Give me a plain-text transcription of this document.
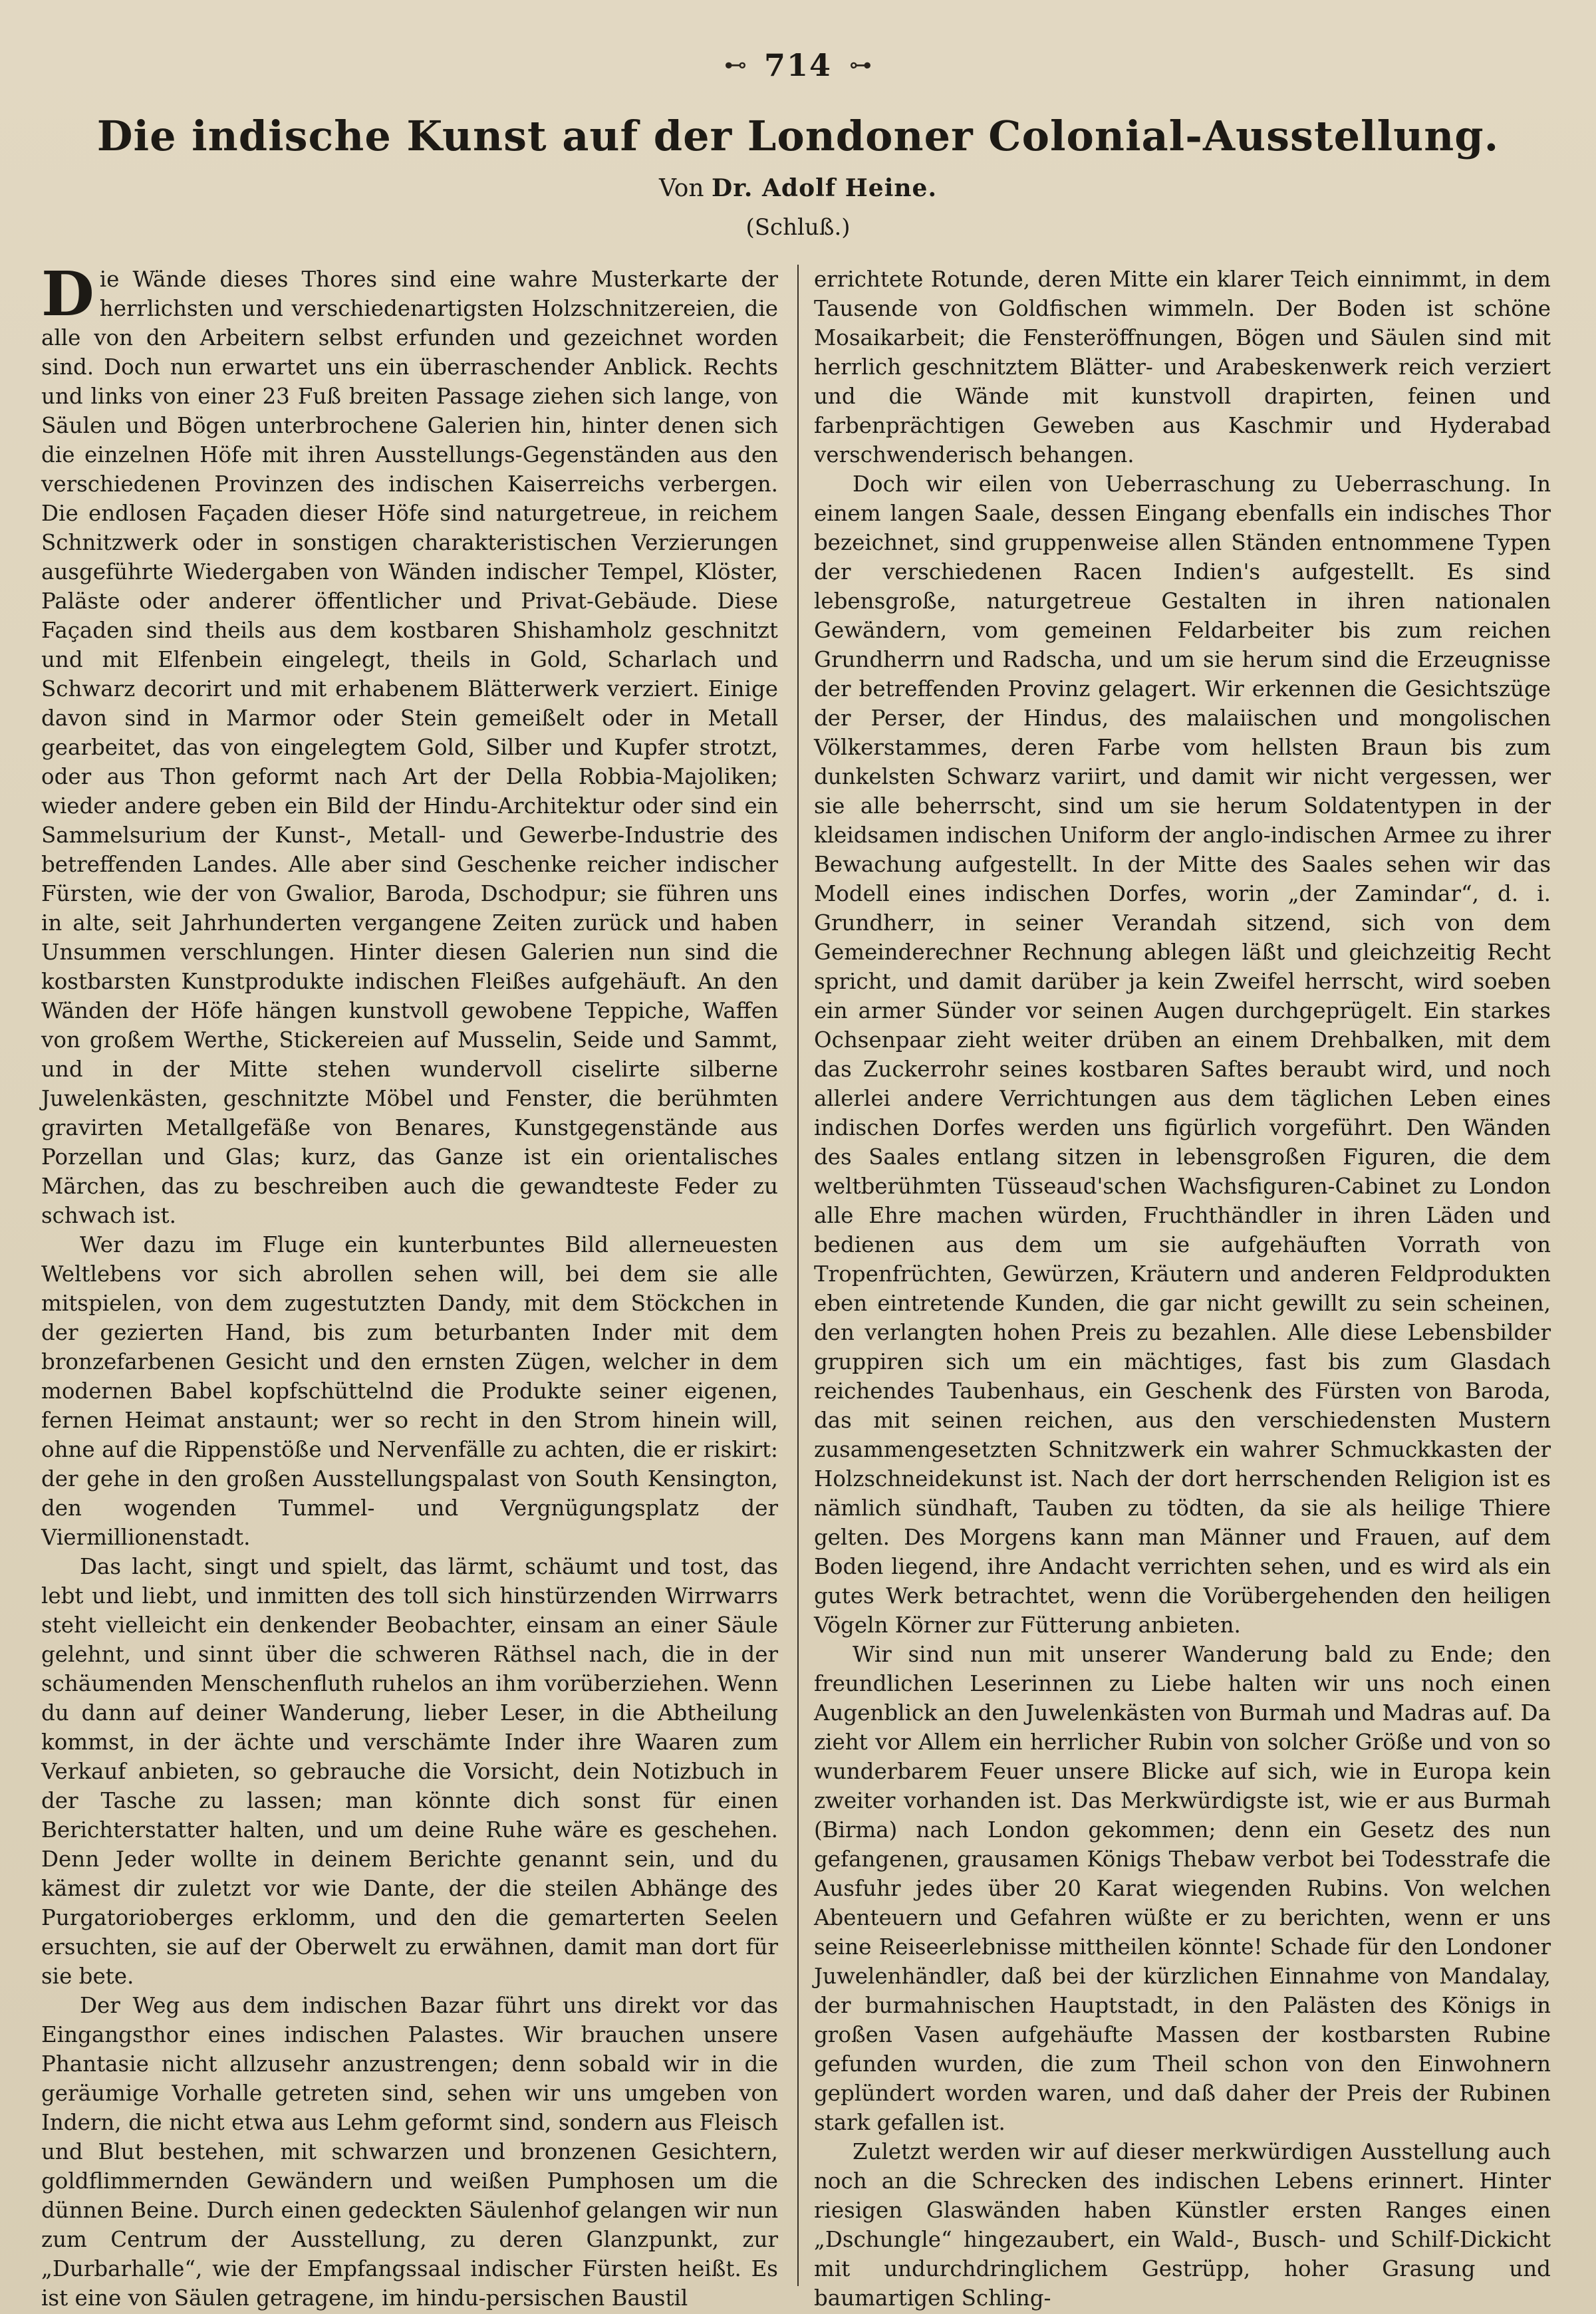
⊷ 714 ⊶
Die indische Kunst auf der Londoner Colonial-Ausstellung.
Von Dr. Adolf Heine.
(Schluß.)

Die Wände dieses Thores sind eine wahre Musterkarte der herrlichsten und verschiedenartigsten Holzschnitzereien, die alle von den Arbeitern selbst erfunden und gezeichnet worden sind. Doch nun erwartet uns ein überraschender Anblick. Rechts und links von einer 23 Fuß breiten Passage ziehen sich lange, von Säulen und Bögen unterbrochene Galerien hin, hinter denen sich die einzelnen Höfe mit ihren Ausstellungs-Gegenständen aus den verschiedenen Provinzen des indischen Kaiserreichs verbergen. Die endlosen Façaden dieser Höfe sind naturgetreue, in reichem Schnitzwerk oder in sonstigen charakteristischen Verzierungen ausgeführte Wiedergaben von Wänden indischer Tempel, Klöster, Paläste oder anderer öffentlicher und Privat-Gebäude. Diese Façaden sind theils aus dem kostbaren Shishamholz geschnitzt und mit Elfenbein eingelegt, theils in Gold, Scharlach und Schwarz decorirt und mit erhabenem Blätterwerk verziert. Einige davon sind in Marmor oder Stein gemeißelt oder in Metall gearbeitet, das von eingelegtem Gold, Silber und Kupfer strotzt, oder aus Thon geformt nach Art der Della Robbia-Majoliken; wieder andere geben ein Bild der Hindu-Architektur oder sind ein Sammelsurium der Kunst-, Metall- und Gewerbe-Industrie des betreffenden Landes. Alle aber sind Geschenke reicher indischer Fürsten, wie der von Gwalior, Baroda, Dschodpur; sie führen uns in alte, seit Jahrhunderten vergangene Zeiten zurück und haben Unsummen verschlungen. Hinter diesen Galerien nun sind die kostbarsten Kunstprodukte indischen Fleißes aufgehäuft. An den Wänden der Höfe hängen kunstvoll gewobene Teppiche, Waffen von großem Werthe, Stickereien auf Musselin, Seide und Sammt, und in der Mitte stehen wundervoll ciselirte silberne Juwelenkästen, geschnitzte Möbel und Fenster, die berühmten gravirten Metallgefäße von Benares, Kunstgegenstände aus Porzellan und Glas; kurz, das Ganze ist ein orientalisches Märchen, das zu beschreiben auch die gewandteste Feder zu schwach ist.

Wer dazu im Fluge ein kunterbuntes Bild allerneuesten Weltlebens vor sich abrollen sehen will, bei dem sie alle mitspielen, von dem zugestutzten Dandy, mit dem Stöckchen in der gezierten Hand, bis zum beturbanten Inder mit dem bronzefarbenen Gesicht und den ernsten Zügen, welcher in dem modernen Babel kopfschüttelnd die Produkte seiner eigenen, fernen Heimat anstaunt; wer so recht in den Strom hinein will, ohne auf die Rippenstöße und Nervenfälle zu achten, die er riskirt: der gehe in den großen Ausstellungspalast von South Kensington, den wogenden Tummel- und Vergnügungsplatz der Viermillionenstadt.

Das lacht, singt und spielt, das lärmt, schäumt und tost, das lebt und liebt, und inmitten des toll sich hinstürzenden Wirrwarrs steht vielleicht ein denkender Beobachter, einsam an einer Säule gelehnt, und sinnt über die schweren Räthsel nach, die in der schäumenden Menschenfluth ruhelos an ihm vorüberziehen. Wenn du dann auf deiner Wanderung, lieber Leser, in die Abtheilung kommst, in der ächte und verschämte Inder ihre Waaren zum Verkauf anbieten, so gebrauche die Vorsicht, dein Notizbuch in der Tasche zu lassen; man könnte dich sonst für einen Berichterstatter halten, und um deine Ruhe wäre es geschehen. Denn Jeder wollte in deinem Berichte genannt sein, und du kämest dir zuletzt vor wie Dante, der die steilen Abhänge des Purgatorioberges erklomm, und den die gemarterten Seelen ersuchten, sie auf der Oberwelt zu erwähnen, damit man dort für sie bete.

Der Weg aus dem indischen Bazar führt uns direkt vor das Eingangsthor eines indischen Palastes. Wir brauchen unsere Phantasie nicht allzusehr anzustrengen; denn sobald wir in die geräumige Vorhalle getreten sind, sehen wir uns umgeben von Indern, die nicht etwa aus Lehm geformt sind, sondern aus Fleisch und Blut bestehen, mit schwarzen und bronzenen Gesichtern, goldflimmernden Gewändern und weißen Pumphosen um die dünnen Beine. Durch einen gedeckten Säulenhof gelangen wir nun zum Centrum der Ausstellung, zu deren Glanzpunkt, zur „Durbarhalle“, wie der Empfangssaal indischer Fürsten heißt. Es ist eine von Säulen getragene, im hindu-persischen Baustil

errichtete Rotunde, deren Mitte ein klarer Teich einnimmt, in dem Tausende von Goldfischen wimmeln. Der Boden ist schöne Mosaikarbeit; die Fensteröffnungen, Bögen und Säulen sind mit herrlich geschnitztem Blätter- und Arabeskenwerk reich verziert und die Wände mit kunstvoll drapirten, feinen und farbenprächtigen Geweben aus Kaschmir und Hyderabad verschwenderisch behangen.

Doch wir eilen von Ueberraschung zu Ueberraschung. In einem langen Saale, dessen Eingang ebenfalls ein indisches Thor bezeichnet, sind gruppenweise allen Ständen entnommene Typen der verschiedenen Racen Indien's aufgestellt. Es sind lebensgroße, naturgetreue Gestalten in ihren nationalen Gewändern, vom gemeinen Feldarbeiter bis zum reichen Grundherrn und Radscha, und um sie herum sind die Erzeugnisse der betreffenden Provinz gelagert. Wir erkennen die Gesichtszüge der Perser, der Hindus, des malaiischen und mongolischen Völkerstammes, deren Farbe vom hellsten Braun bis zum dunkelsten Schwarz variirt, und damit wir nicht vergessen, wer sie alle beherrscht, sind um sie herum Soldatentypen in der kleidsamen indischen Uniform der anglo-indischen Armee zu ihrer Bewachung aufgestellt. In der Mitte des Saales sehen wir das Modell eines indischen Dorfes, worin „der Zamindar“, d. i. Grundherr, in seiner Verandah sitzend, sich von dem Gemeinderechner Rechnung ablegen läßt und gleichzeitig Recht spricht, und damit darüber ja kein Zweifel herrscht, wird soeben ein armer Sünder vor seinen Augen durchgeprügelt. Ein starkes Ochsenpaar zieht weiter drüben an einem Drehbalken, mit dem das Zuckerrohr seines kostbaren Saftes beraubt wird, und noch allerlei andere Verrichtungen aus dem täglichen Leben eines indischen Dorfes werden uns figürlich vorgeführt. Den Wänden des Saales entlang sitzen in lebensgroßen Figuren, die dem weltberühmten Tüsseaud'schen Wachsfiguren-Cabinet zu London alle Ehre machen würden, Fruchthändler in ihren Läden und bedienen aus dem um sie aufgehäuften Vorrath von Tropenfrüchten, Gewürzen, Kräutern und anderen Feldprodukten eben eintretende Kunden, die gar nicht gewillt zu sein scheinen, den verlangten hohen Preis zu bezahlen. Alle diese Lebensbilder gruppiren sich um ein mächtiges, fast bis zum Glasdach reichendes Taubenhaus, ein Geschenk des Fürsten von Baroda, das mit seinen reichen, aus den verschiedensten Mustern zusammengesetzten Schnitzwerk ein wahrer Schmuckkasten der Holzschneidekunst ist. Nach der dort herrschenden Religion ist es nämlich sündhaft, Tauben zu tödten, da sie als heilige Thiere gelten. Des Morgens kann man Männer und Frauen, auf dem Boden liegend, ihre Andacht verrichten sehen, und es wird als ein gutes Werk betrachtet, wenn die Vorübergehenden den heiligen Vögeln Körner zur Fütterung anbieten.

Wir sind nun mit unserer Wanderung bald zu Ende; den freundlichen Leserinnen zu Liebe halten wir uns noch einen Augenblick an den Juwelenkästen von Burmah und Madras auf. Da zieht vor Allem ein herrlicher Rubin von solcher Größe und von so wunderbarem Feuer unsere Blicke auf sich, wie in Europa kein zweiter vorhanden ist. Das Merkwürdigste ist, wie er aus Burmah (Birma) nach London gekommen; denn ein Gesetz des nun gefangenen, grausamen Königs Thebaw verbot bei Todesstrafe die Ausfuhr jedes über 20 Karat wiegenden Rubins. Von welchen Abenteuern und Gefahren wüßte er zu berichten, wenn er uns seine Reiseerlebnisse mittheilen könnte! Schade für den Londoner Juwelenhändler, daß bei der kürzlichen Einnahme von Mandalay, der burmahnischen Hauptstadt, in den Palästen des Königs in großen Vasen aufgehäufte Massen der kostbarsten Rubine gefunden wurden, die zum Theil schon von den Einwohnern geplündert worden waren, und daß daher der Preis der Rubinen stark gefallen ist.

Zuletzt werden wir auf dieser merkwürdigen Ausstellung auch noch an die Schrecken des indischen Lebens erinnert. Hinter riesigen Glaswänden haben Künstler ersten Ranges einen „Dschungle“ hingezaubert, ein Wald-, Busch- und Schilf-Dickicht mit undurchdringlichem Gestrüpp, hoher Grasung und baumartigen Schling-
